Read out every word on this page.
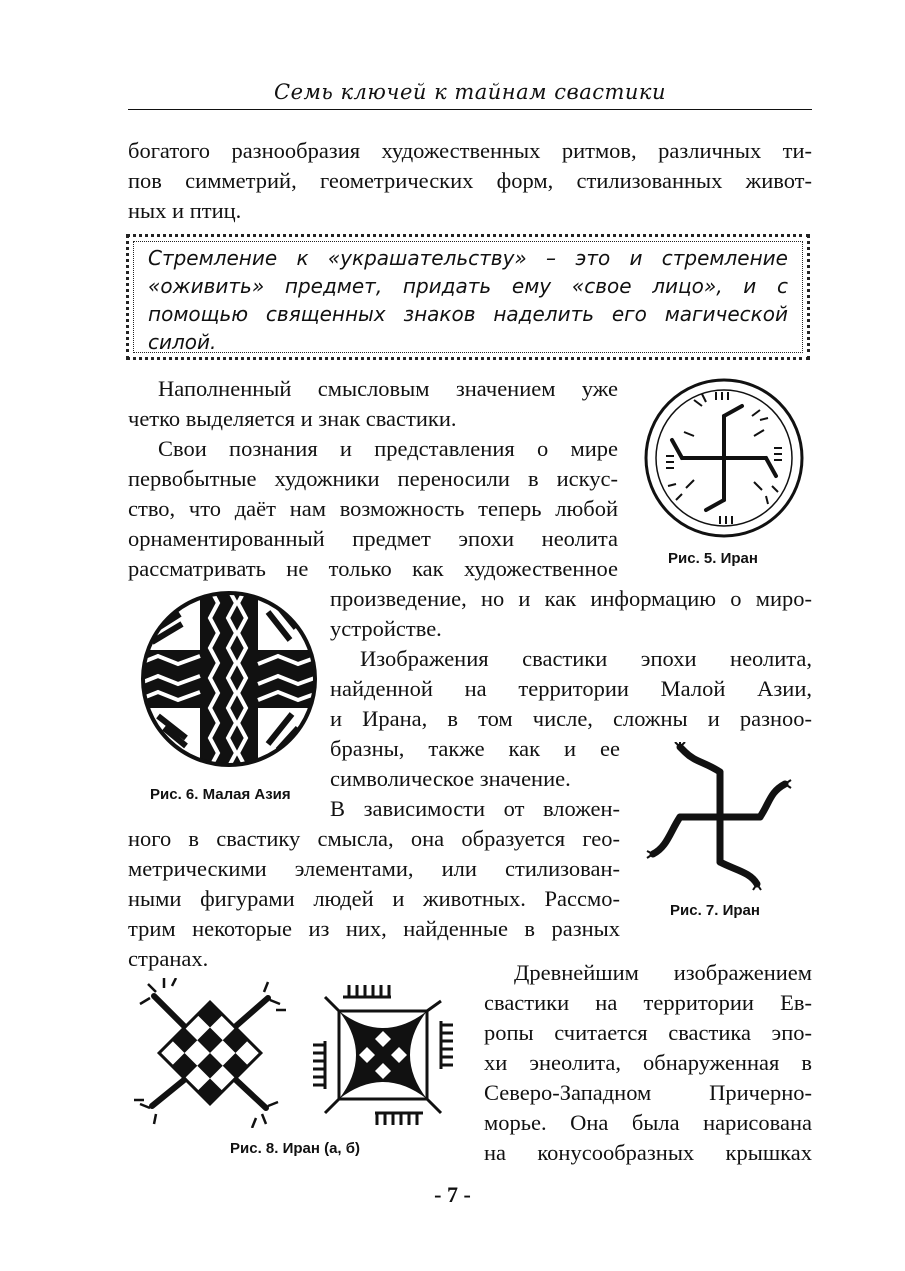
Семь ключей к тайнам свастики
богатого разнообразия художественных ритмов, различных ти-
пов симметрий, геометрических форм, стилизованных живот-
ных и птиц.
Стремление к «украшательству» – это и стремление
«оживить» предмет, придать ему «свое лицо», и с
помощью священных знаков наделить его магической
силой.
Наполненный смысловым значением уже
четко выделяется и знак свастики.
Свои познания и представления о мире
первобытные художники переносили в искус-
ство, что даёт нам возможность теперь любой
орнаментированный предмет эпохи неолита
рассматривать не только как художественное
произведение, но и как информацию о миро-
устройстве.
Изображения свастики эпохи неолита,
найденной на территории Малой Азии,
и Ирана, в том числе, сложны и разноо-
бразны, также как и ее
символическое значение.
В зависимости от вложен-
ного в свастику смысла, она образуется гео-
метрическими элементами, или стилизован-
ными фигурами людей и животных. Рассмо-
трим некоторые из них, найденные в разных
странах.
Древнейшим изображением
свастики на территории Ев-
ропы считается свастика эпо-
хи энеолита, обнаруженная в
Северо-Западном Причерно-
морье. Она была нарисована
на конусообразных крышках
Рис. 5. Иран
Рис. 6. Малая Азия
Рис. 7. Иран
Рис. 8. Иран (а, б)
- 7 -
